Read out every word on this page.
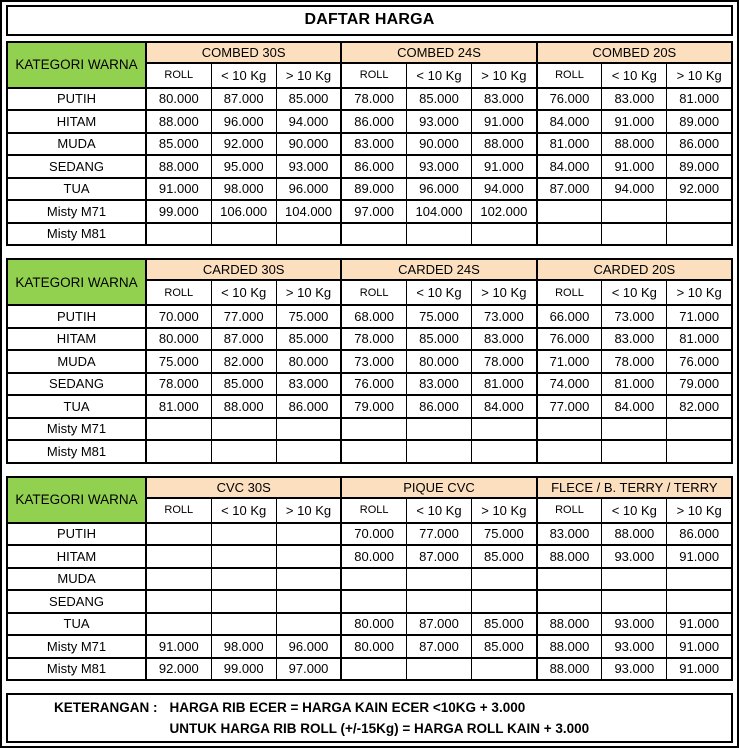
DAFTAR HARGA
KATEGORI WARNA	COMBED 30S			COMBED 24S			COMBED 20S		
	ROLL	< 10 Kg	> 10 Kg	ROLL	< 10 Kg	> 10 Kg	ROLL	< 10 Kg	> 10 Kg
PUTIH	80.000	87.000	85.000	78.000	85.000	83.000	76.000	83.000	81.000
HITAM	88.000	96.000	94.000	86.000	93.000	91.000	84.000	91.000	89.000
MUDA	85.000	92.000	90.000	83.000	90.000	88.000	81.000	88.000	86.000
SEDANG	88.000	95.000	93.000	86.000	93.000	91.000	84.000	91.000	89.000
TUA	91.000	98.000	96.000	89.000	96.000	94.000	87.000	94.000	92.000
Misty M71	99.000	106.000	104.000	97.000	104.000	102.000			
Misty M81									
KATEGORI WARNA	CARDED 30S			CARDED 24S			CARDED 20S		
	ROLL	< 10 Kg	> 10 Kg	ROLL	< 10 Kg	> 10 Kg	ROLL	< 10 Kg	> 10 Kg
PUTIH	70.000	77.000	75.000	68.000	75.000	73.000	66.000	73.000	71.000
HITAM	80.000	87.000	85.000	78.000	85.000	83.000	76.000	83.000	81.000
MUDA	75.000	82.000	80.000	73.000	80.000	78.000	71.000	78.000	76.000
SEDANG	78.000	85.000	83.000	76.000	83.000	81.000	74.000	81.000	79.000
TUA	81.000	88.000	86.000	79.000	86.000	84.000	77.000	84.000	82.000
Misty M71									
Misty M81									
KATEGORI WARNA	CVC 30S			PIQUE CVC			FLECE / B. TERRY / TERRY		
	ROLL	< 10 Kg	> 10 Kg	ROLL	< 10 Kg	> 10 Kg	ROLL	< 10 Kg	> 10 Kg
PUTIH				70.000	77.000	75.000	83.000	88.000	86.000
HITAM				80.000	87.000	85.000	88.000	93.000	91.000
MUDA									
SEDANG									
TUA				80.000	87.000	85.000	88.000	93.000	91.000
Misty M71	91.000	98.000	96.000	80.000	87.000	85.000	88.000	93.000	91.000
Misty M81	92.000	99.000	97.000				88.000	93.000	91.000
KETERANGAN : HARGA RIB ECER = HARGA KAIN ECER <10KG + 3.000
UNTUK HARGA RIB ROLL (+/-15Kg) = HARGA ROLL KAIN + 3.000
